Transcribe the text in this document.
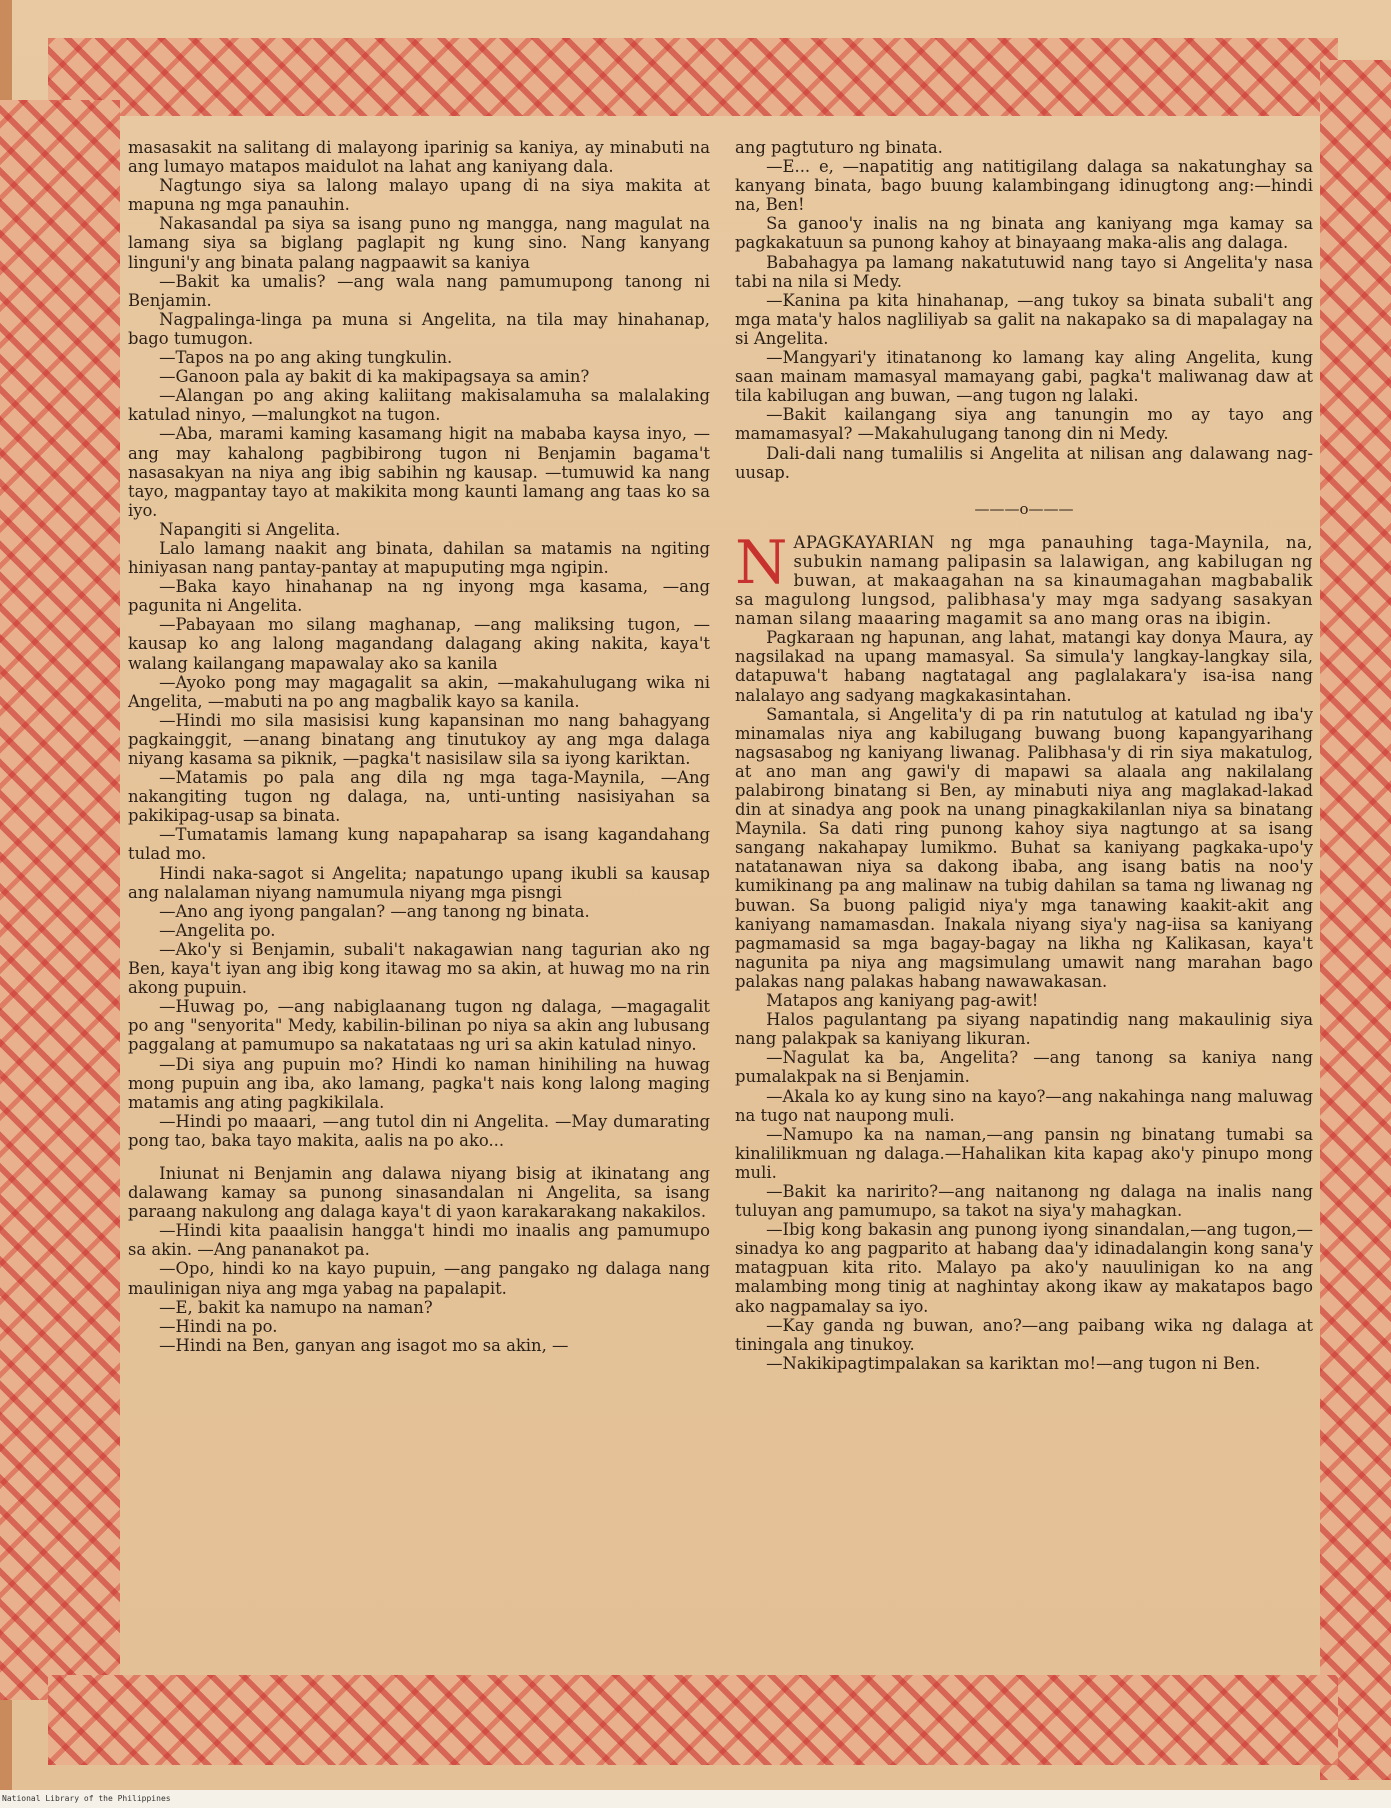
masasakit na salitang di malayong iparinig sa kaniya, ay minabuti na ang lumayo matapos maidulot na lahat ang kaniyang dala.

Nagtungo siya sa lalong malayo upang di na siya makita at mapuna ng mga panauhin.

Nakasandal pa siya sa isang puno ng mangga, nang magulat na lamang siya sa biglang paglapit ng kung sino. Nang kanyang linguni'y ang binata palang nagpaawit sa kaniya

—Bakit ka umalis? —ang wala nang pamumupong tanong ni Benjamin.

Nagpalinga-linga pa muna si Angelita, na tila may hinahanap, bago tumugon.

—Tapos na po ang aking tungkulin.

—Ganoon pala ay bakit di ka makipagsaya sa amin?

—Alangan po ang aking kaliitang makisalamuha sa malalaking katulad ninyo, —malungkot na tugon.

—Aba, marami kaming kasamang higit na mababa kaysa inyo, —ang may kahalong pagbibirong tugon ni Benjamin bagama't nasasakyan na niya ang ibig sabihin ng kausap. —tumuwid ka nang tayo, magpantay tayo at makikita mong kaunti lamang ang taas ko sa iyo.

Napangiti si Angelita.

Lalo lamang naakit ang binata, dahilan sa matamis na ngiting hiniyasan nang pantay-pantay at mapuputing mga ngipin.

—Baka kayo hinahanap na ng inyong mga kasama, —ang pagunita ni Angelita.

—Pabayaan mo silang maghanap, —ang maliksing tugon, —kausap ko ang lalong magandang dalagang aking nakita, kaya't walang kailangang mapawalay ako sa kanila

—Ayoko pong may magagalit sa akin, —makahulugang wika ni Angelita, —mabuti na po ang magbalik kayo sa kanila.

—Hindi mo sila masisisi kung kapansinan mo nang bahagyang pagkainggit, —anang binatang ang tinutukoy ay ang mga dalaga niyang kasama sa piknik, —pagka't nasisilaw sila sa iyong kariktan.

—Matamis po pala ang dila ng mga taga-Maynila, —Ang nakangiting tugon ng dalaga, na, unti-unting nasisiyahan sa pakikipag-usap sa binata.

—Tumatamis lamang kung napapaharap sa isang kagandahang tulad mo.

Hindi naka-sagot si Angelita; napatungo upang ikubli sa kausap ang nalalaman niyang namumula niyang mga pisngi

—Ano ang iyong pangalan? —ang tanong ng binata.

—Angelita po.

—Ako'y si Benjamin, subali't nakagawian nang tagurian ako ng Ben, kaya't iyan ang ibig kong itawag mo sa akin, at huwag mo na rin akong pupuin.

—Huwag po, —ang nabiglaanang tugon ng dalaga, —magagalit po ang "senyorita" Medy, kabilin-bilinan po niya sa akin ang lubusang paggalang at pamumupo sa nakatataas ng uri sa akin katulad ninyo.

—Di siya ang pupuin mo? Hindi ko naman hinihiling na huwag mong pupuin ang iba, ako lamang, pagka't nais kong lalong maging matamis ang ating pagkikilala.

—Hindi po maaari, —ang tutol din ni Angelita. —May dumarating pong tao, baka tayo makita, aalis na po ako...

Iniunat ni Benjamin ang dalawa niyang bisig at ikinatang ang dalawang kamay sa punong sinasandalan ni Angelita, sa isang paraang nakulong ang dalaga kaya't di yaon karakarakang nakakilos.

—Hindi kita paaalisin hangga't hindi mo inaalis ang pamumupo sa akin. —Ang pananakot pa.

—Opo, hindi ko na kayo pupuin, —ang pangako ng dalaga nang maulinigan niya ang mga yabag na papalapit.

—E, bakit ka namupo na naman?

—Hindi na po.

—Hindi na Ben, ganyan ang isagot mo sa akin, —

ang pagtuturo ng binata.

—E... e, —napatitig ang natitigilang dalaga sa nakatunghay sa kanyang binata, bago buung kalambingang idinugtong ang:—hindi na, Ben!

Sa ganoo'y inalis na ng binata ang kaniyang mga kamay sa pagkakatuun sa punong kahoy at binayaang maka-alis ang dalaga.

Babahagya pa lamang nakatutuwid nang tayo si Angelita'y nasa tabi na nila si Medy.

—Kanina pa kita hinahanap, —ang tukoy sa binata subali't ang mga mata'y halos nagliliyab sa galit na nakapako sa di mapalagay na si Angelita.

—Mangyari'y itinatanong ko lamang kay aling Angelita, kung saan mainam mamasyal mamayang gabi, pagka't maliwanag daw at tila kabilugan ang buwan, —ang tugon ng lalaki.

—Bakit kailangang siya ang tanungin mo ay tayo ang mamamasyal? —Makahulugang tanong din ni Medy.

Dali-dali nang tumalilis si Angelita at nilisan ang dalawang nag-uusap.

———o———

NAPAGKAYARIAN ng mga panauhing taga-Maynila, na, subukin namang palipasin sa lalawigan, ang kabilugan ng buwan, at makaagahan na sa kinaumagahan magbabalik sa magulong lungsod, palibhasa'y may mga sadyang sasakyan naman silang maaaring magamit sa ano mang oras na ibigin.

Pagkaraan ng hapunan, ang lahat, matangi kay donya Maura, ay nagsilakad na upang mamasyal. Sa simula'y langkay-langkay sila, datapuwa't habang nagtatagal ang paglalakara'y isa-isa nang nalalayo ang sadyang magkakasintahan.

Samantala, si Angelita'y di pa rin natutulog at katulad ng iba'y minamalas niya ang kabilugang buwang buong kapangyarihang nagsasabog ng kaniyang liwanag. Palibhasa'y di rin siya makatulog, at ano man ang gawi'y di mapawi sa alaala ang nakilalang palabirong binatang si Ben, ay minabuti niya ang maglakad-lakad din at sinadya ang pook na unang pinagkakilanlan niya sa binatang Maynila. Sa dati ring punong kahoy siya nagtungo at sa isang sangang nakahapay lumikmo. Buhat sa kaniyang pagkaka-upo'y natatanawan niya sa dakong ibaba, ang isang batis na noo'y kumikinang pa ang malinaw na tubig dahilan sa tama ng liwanag ng buwan. Sa buong paligid niya'y mga tanawing kaakit-akit ang kaniyang namamasdan. Inakala niyang siya'y nag-iisa sa kaniyang pagmamasid sa mga bagay-bagay na likha ng Kalikasan, kaya't nagunita pa niya ang magsimulang umawit nang marahan bago palakas nang palakas habang nawawakasan.

Matapos ang kaniyang pag-awit!

Halos pagulantang pa siyang napatindig nang makaulinig siya nang palakpak sa kaniyang likuran.

—Nagulat ka ba, Angelita? —ang tanong sa kaniya nang pumalakpak na si Benjamin.

—Akala ko ay kung sino na kayo?—ang nakahinga nang maluwag na tugo nat naupong muli.

—Namupo ka na naman,—ang pansin ng binatang tumabi sa kinalilikmuan ng dalaga.—Hahalikan kita kapag ako'y pinupo mong muli.

—Bakit ka naririto?—ang naitanong ng dalaga na inalis nang tuluyan ang pamumupo, sa takot na siya'y mahagkan.

—Ibig kong bakasin ang punong iyong sinandalan,—ang tugon,—sinadya ko ang pagparito at habang daa'y idinadalangin kong sana'y matagpuan kita rito. Malayo pa ako'y nauulinigan ko na ang malambing mong tinig at naghintay akong ikaw ay makatapos bago ako nagpamalay sa iyo.

—Kay ganda ng buwan, ano?—ang paibang wika ng dalaga at tiningala ang tinukoy.

—Nakikipagtimpalakan sa kariktan mo!—ang tugon ni Ben.

National Library of the Philippines
